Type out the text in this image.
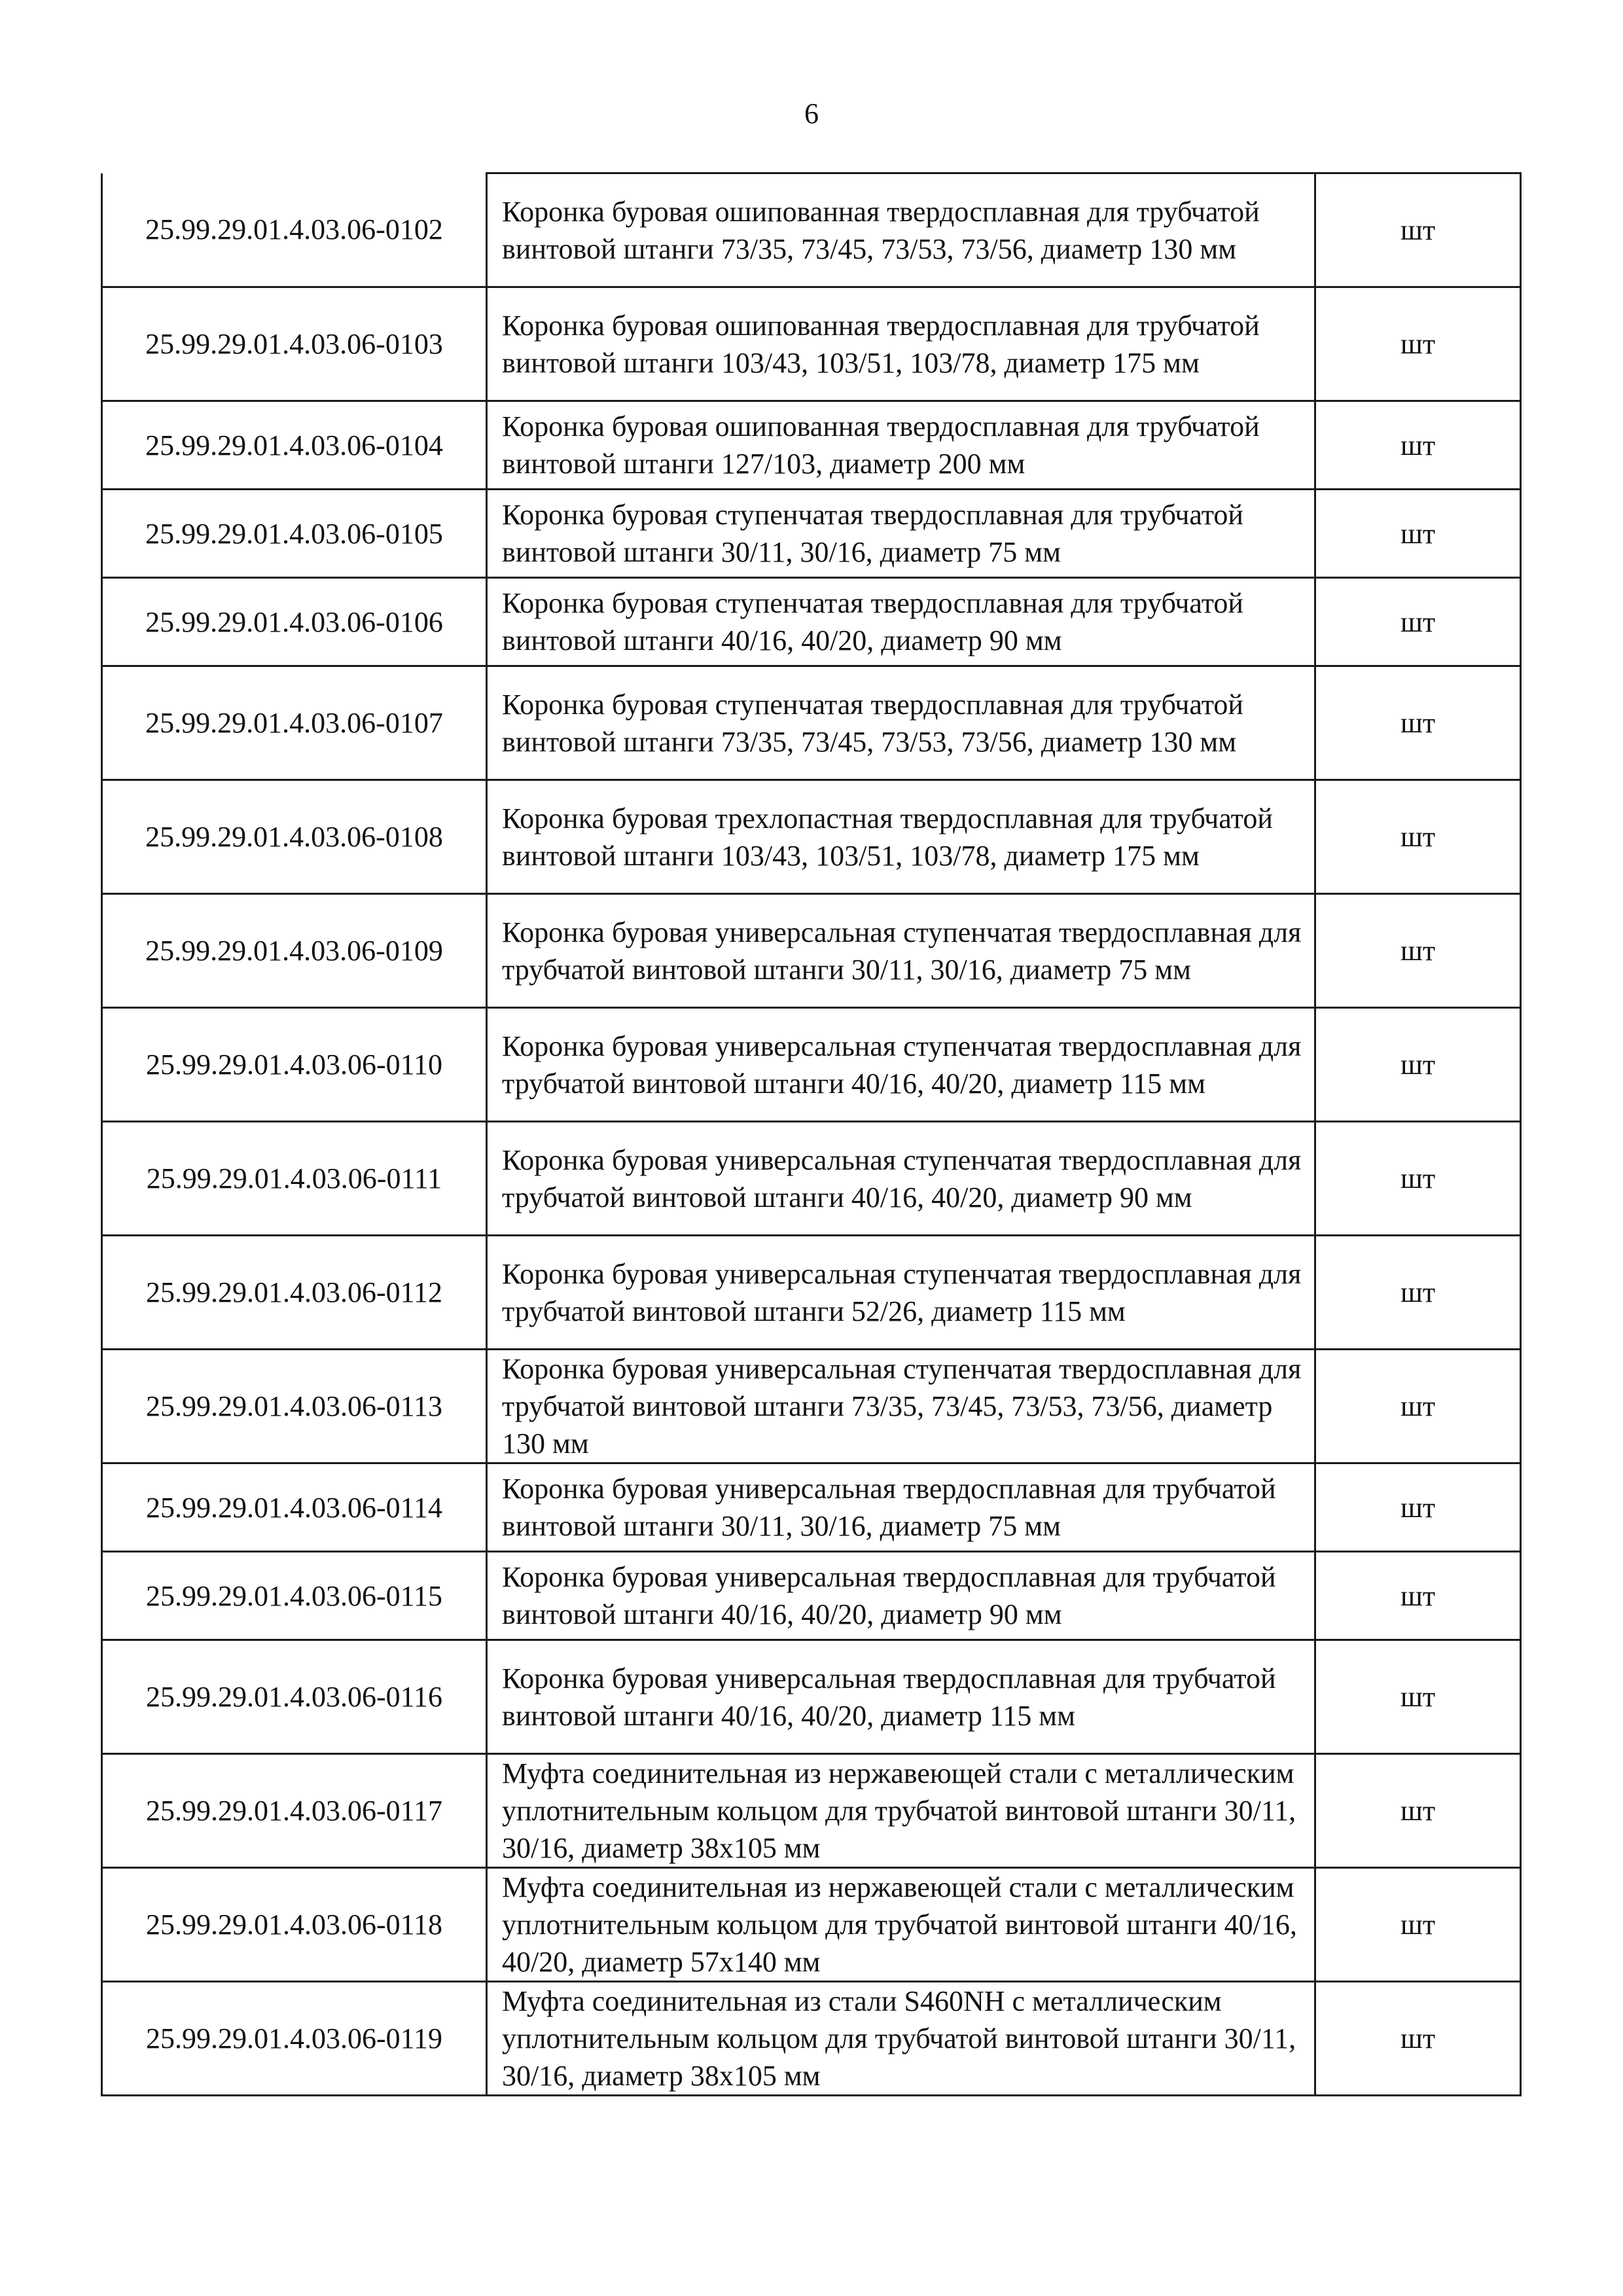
6
25.99.29.01.4.03.06-0102	Коронка буровая ошипованная твердосплавная для трубчатой винтовой штанги 73/35, 73/45, 73/53, 73/56, диаметр 130 мм	шт
25.99.29.01.4.03.06-0103	Коронка буровая ошипованная твердосплавная для трубчатой винтовой штанги 103/43, 103/51, 103/78, диаметр 175 мм	шт
25.99.29.01.4.03.06-0104	Коронка буровая ошипованная твердосплавная для трубчатой винтовой штанги 127/103, диаметр 200 мм	шт
25.99.29.01.4.03.06-0105	Коронка буровая ступенчатая твердосплавная для трубчатой винтовой штанги 30/11, 30/16, диаметр 75 мм	шт
25.99.29.01.4.03.06-0106	Коронка буровая ступенчатая твердосплавная для трубчатой винтовой штанги 40/16, 40/20, диаметр 90 мм	шт
25.99.29.01.4.03.06-0107	Коронка буровая ступенчатая твердосплавная для трубчатой винтовой штанги 73/35, 73/45, 73/53, 73/56, диаметр 130 мм	шт
25.99.29.01.4.03.06-0108	Коронка буровая трехлопастная твердосплавная для трубчатой винтовой штанги 103/43, 103/51, 103/78, диаметр 175 мм	шт
25.99.29.01.4.03.06-0109	Коронка буровая универсальная ступенчатая твердосплавная для трубчатой винтовой штанги 30/11, 30/16, диаметр 75 мм	шт
25.99.29.01.4.03.06-0110	Коронка буровая универсальная ступенчатая твердосплавная для трубчатой винтовой штанги 40/16, 40/20, диаметр 115 мм	шт
25.99.29.01.4.03.06-0111	Коронка буровая универсальная ступенчатая твердосплавная для трубчатой винтовой штанги 40/16, 40/20, диаметр 90 мм	шт
25.99.29.01.4.03.06-0112	Коронка буровая универсальная ступенчатая твердосплавная для трубчатой винтовой штанги 52/26, диаметр 115 мм	шт
25.99.29.01.4.03.06-0113	Коронка буровая универсальная ступенчатая твердосплавная для трубчатой винтовой штанги 73/35, 73/45, 73/53, 73/56, диаметр 130 мм	шт
25.99.29.01.4.03.06-0114	Коронка буровая универсальная твердосплавная для трубчатой винтовой штанги 30/11, 30/16, диаметр 75 мм	шт
25.99.29.01.4.03.06-0115	Коронка буровая универсальная твердосплавная для трубчатой винтовой штанги 40/16, 40/20, диаметр 90 мм	шт
25.99.29.01.4.03.06-0116	Коронка буровая универсальная твердосплавная для трубчатой винтовой штанги 40/16, 40/20, диаметр 115 мм	шт
25.99.29.01.4.03.06-0117	Муфта соединительная из нержавеющей стали с металлическим уплотнительным кольцом для трубчатой винтовой штанги 30/11, 30/16, диаметр 38х105 мм	шт
25.99.29.01.4.03.06-0118	Муфта соединительная из нержавеющей стали с металлическим уплотнительным кольцом для трубчатой винтовой штанги 40/16, 40/20, диаметр 57х140 мм	шт
25.99.29.01.4.03.06-0119	Муфта соединительная из стали S460NH с металлическим уплотнительным кольцом для трубчатой винтовой штанги 30/11, 30/16, диаметр 38х105 мм	шт
